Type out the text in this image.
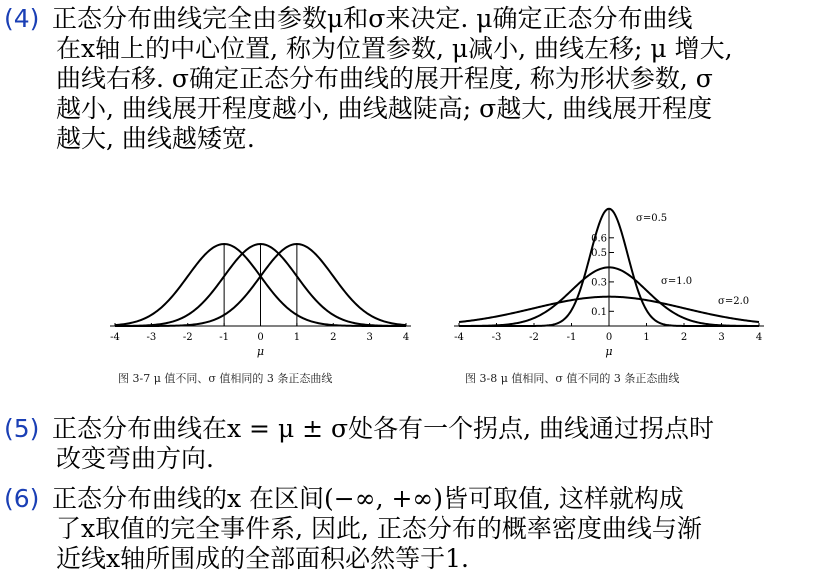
(4) 正态分布曲线完全由参数μ和σ来决定. μ确定正态分布曲线
在x轴上的中心位置, 称为位置参数, μ减小, 曲线左移; μ 增大,
曲线右移. σ确定正态分布曲线的展开程度, 称为形状参数, σ
越小, 曲线展开程度越小, 曲线越陡高; σ越大, 曲线展开程度
越大, 曲线越矮宽.
-4	-3	-2	-1	0	1	2	3	4
μ
图 3-7 μ 值不同、σ 值相同的 3 条正态曲线
-4	-3	-2	-1	0	1	2	3	4
μ
0.1
0.3
0.5
0.6
σ=0.5
σ=1.0
σ=2.0
图 3-8 μ 值相同、σ 值不同的 3 条正态曲线
(5) 正态分布曲线在x = μ ± σ处各有一个拐点, 曲线通过拐点时
改变弯曲方向.
(6) 正态分布曲线的x 在区间(−∞, +∞)皆可取值, 这样就构成
了x取值的完全事件系, 因此, 正态分布的概率密度曲线与渐
近线x轴所围成的全部面积必然等于1.
